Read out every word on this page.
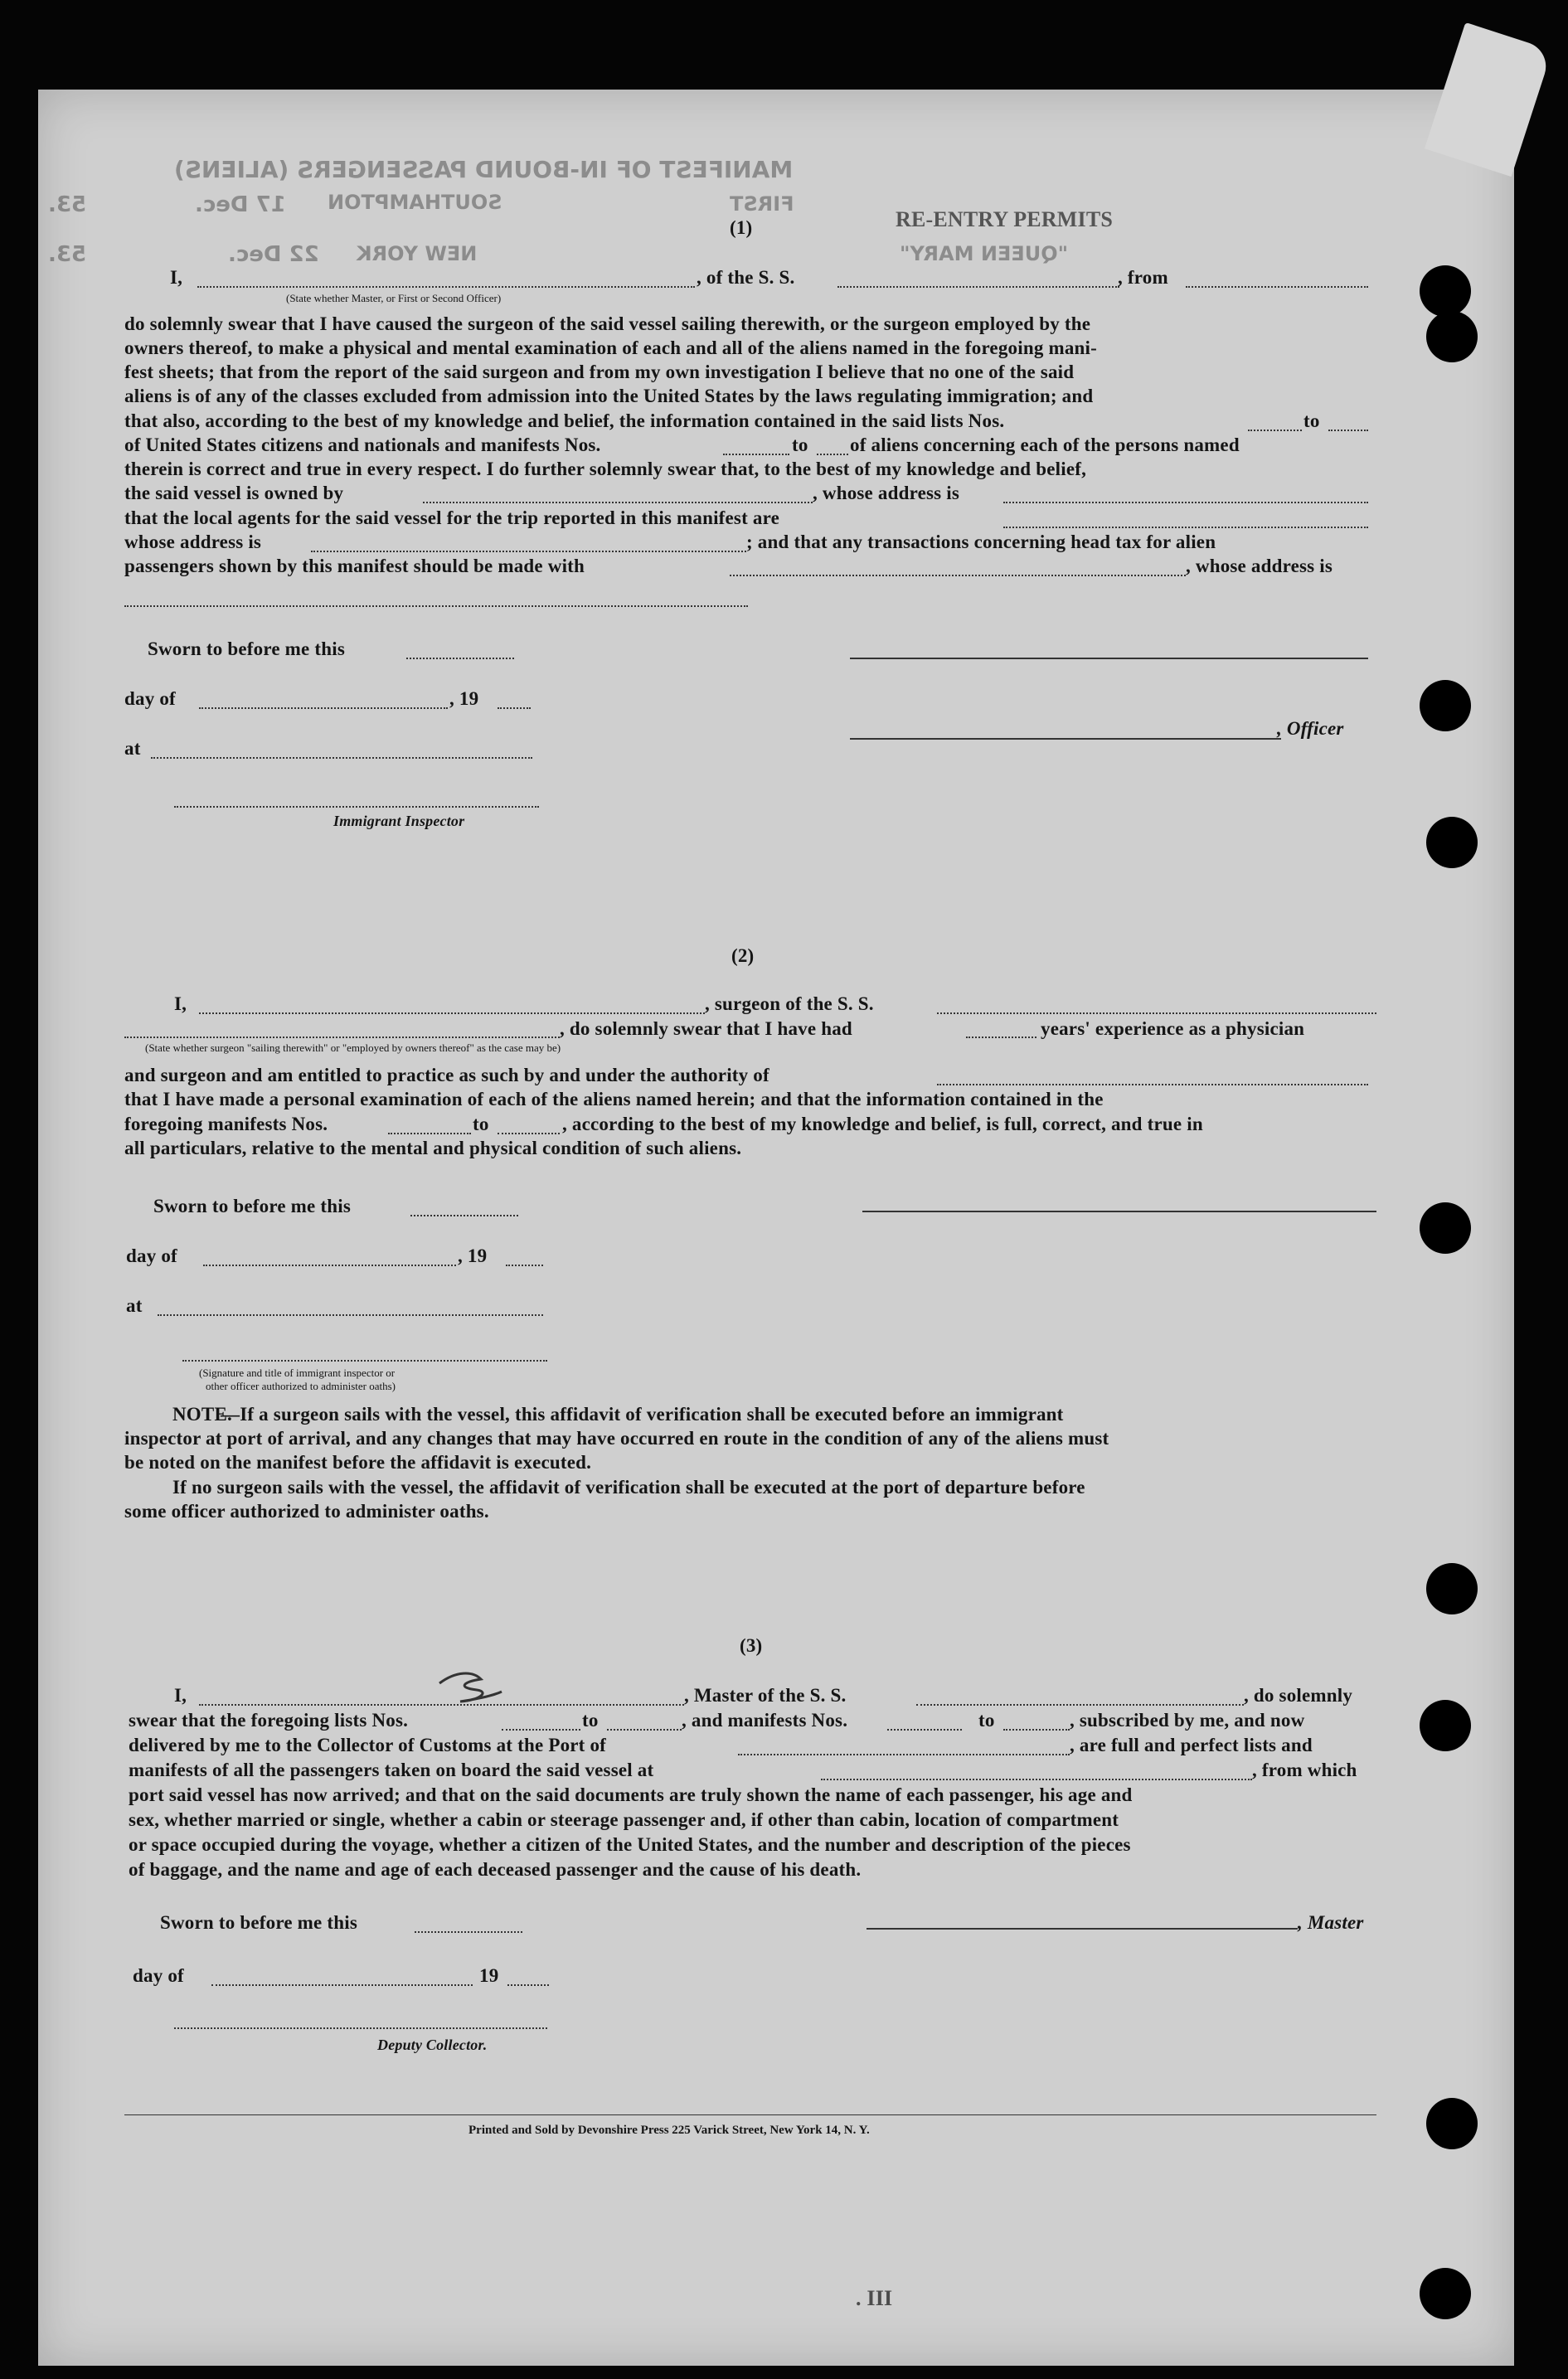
MANIFEST OF IN-BOUND PASSENGERS (ALIENS)
SOUTHAMPTON
17 Dec.
53.
NEW YORK
22 Dec.
53.
FIRST
"QUEEN MARY"
(1)	RE-ENTRY PERMITS
I,	, of the S. S.	, from
(State whether Master, or First or Second Officer)
do solemnly swear that I have caused the surgeon of the said vessel sailing therewith, or the surgeon employed by the
owners thereof, to make a physical and mental examination of each and all of the aliens named in the foregoing mani-
fest sheets; that from the report of the said surgeon and from my own investigation I believe that no one of the said
aliens is of any of the classes excluded from admission into the United States by the laws regulating immigration; and
that also, according to the best of my knowledge and belief, the information contained in the said lists Nos.	to
of United States citizens and nationals and manifests Nos.	to of aliens concerning each of the persons named
therein is correct and true in every respect. I do further solemnly swear that, to the best of my knowledge and belief,
the said vessel is owned by	, whose address is
that the local agents for the said vessel for the trip reported in this manifest are
whose address is	; and that any transactions concerning head tax for alien
passengers shown by this manifest should be made with	, whose address is
Sworn to before me this
day of	, 19
at
, Officer
Immigrant Inspector
(2)
I,	, surgeon of the S. S.
, do solemnly swear that I have had	years' experience as a physician
(State whether surgeon "sailing therewith" or "employed by owners thereof" as the case may be)
and surgeon and am entitled to practice as such by and under the authority of
that I have made a personal examination of each of the aliens named herein; and that the information contained in the
foregoing manifests Nos.	to	, according to the best of my knowledge and belief, is full, correct, and true in
all particulars, relative to the mental and physical condition of such aliens.
Sworn to before me this
day of	, 19
at
(Signature and title of immigrant inspector or
other officer authorized to administer oaths)
NOTE.
—If a surgeon sails with the vessel, this affidavit of verification shall be executed before an immigrant
inspector at port of arrival, and any changes that may have occurred en route in the condition of any of the aliens must
be noted on the manifest before the affidavit is executed.
If no surgeon sails with the vessel, the affidavit of verification shall be executed at the port of departure before
some officer authorized to administer oaths.
(3)
I,	, Master of the S. S.	, do solemnly
swear that the foregoing lists Nos.	to	, and manifests Nos.	to	, subscribed by me, and now
delivered by me to the Collector of Customs at the Port of	, are full and perfect lists and
manifests of all the passengers taken on board the said vessel at	, from which
port said vessel has now arrived; and that on the said documents are truly shown the name of each passenger, his age and
sex, whether married or single, whether a cabin or steerage passenger and, if other than cabin, location of compartment
or space occupied during the voyage, whether a citizen of the United States, and the number and description of the pieces
of baggage, and the name and age of each deceased passenger and the cause of his death.
Sworn to before me this	, Master
day of	19
Deputy Collector.
Printed and Sold by Devonshire Press 225 Varick Street, New York 14, N. Y.
. III
